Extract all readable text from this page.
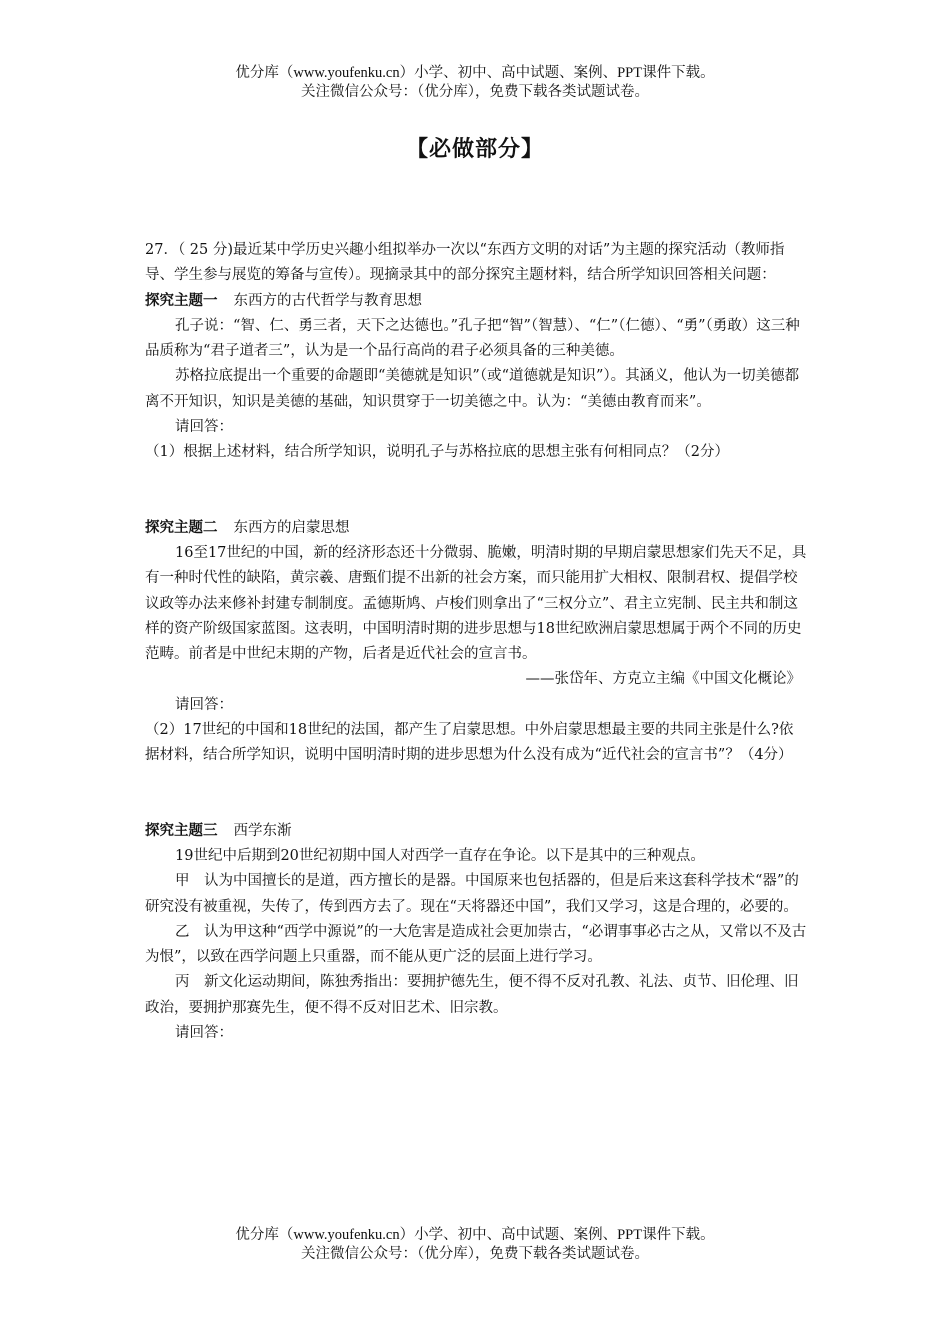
优分库（www.youfenku.cn）小学、初中、高中试题、案例、PPT课件下载。
关注微信公众号：（优分库），免费下载各类试题试卷。
【必做部分】

27．（ 25 分)最近某中学历史兴趣小组拟举办一次以“东西方文明的对话”为主题的探究活动（教师指导、学生参与展览的筹备与宣传）。现摘录其中的部分探究主题材料，结合所学知识回答相关问题：

探究主题一 东西方的古代哲学与教育思想

孔子说：“智、仁、勇三者，天下之达德也。”孔子把“智”（智慧）、“仁”（仁德）、“勇”（勇敢）这三种品质称为“君子道者三”，认为是一个品行高尚的君子必须具备的三种美德。

苏格拉底提出一个重要的命题即“美德就是知识”（或“道德就是知识”）。其涵义，他认为一切美德都离不开知识，知识是美德的基础，知识贯穿于一切美德之中。认为：“美德由教育而来”。

请回答：

（1）根据上述材料，结合所学知识，说明孔子与苏格拉底的思想主张有何相同点？（2分）

探究主题二 东西方的启蒙思想

16至17世纪的中国，新的经济形态还十分微弱、脆嫩，明清时期的早期启蒙思想家们先天不足，具有一种时代性的缺陷，黄宗羲、唐甄们提不出新的社会方案，而只能用扩大相权、限制君权、提倡学校议政等办法来修补封建专制制度。孟德斯鸠、卢梭们则拿出了“三权分立”、君主立宪制、民主共和制这样的资产阶级国家蓝图。这表明，中国明清时期的进步思想与18世纪欧洲启蒙思想属于两个不同的历史范畴。前者是中世纪末期的产物，后者是近代社会的宣言书。

——张岱年、方克立主编《中国文化概论》

请回答：

（2）17世纪的中国和18世纪的法国，都产生了启蒙思想。中外启蒙思想最主要的共同主张是什么?依据材料，结合所学知识，说明中国明清时期的进步思想为什么没有成为“近代社会的宣言书”？（4分）

探究主题三 西学东渐

19世纪中后期到20世纪初期中国人对西学一直存在争论。以下是其中的三种观点。

甲　认为中国擅长的是道，西方擅长的是器。中国原来也包括器的，但是后来这套科学技术“器”的研究没有被重视，失传了，传到西方去了。现在“天将器还中国”，我们又学习，这是合理的，必要的。

乙　认为甲这种“西学中源说”的一大危害是造成社会更加崇古，“必谓事事必古之从，又常以不及古为恨”，以致在西学问题上只重器，而不能从更广泛的层面上进行学习。

丙　新文化运动期间，陈独秀指出：要拥护德先生，便不得不反对孔教、礼法、贞节、旧伦理、旧政治，要拥护那赛先生，便不得不反对旧艺术、旧宗教。

请回答：

优分库（www.youfenku.cn）小学、初中、高中试题、案例、PPT课件下载。
关注微信公众号：（优分库），免费下载各类试题试卷。
